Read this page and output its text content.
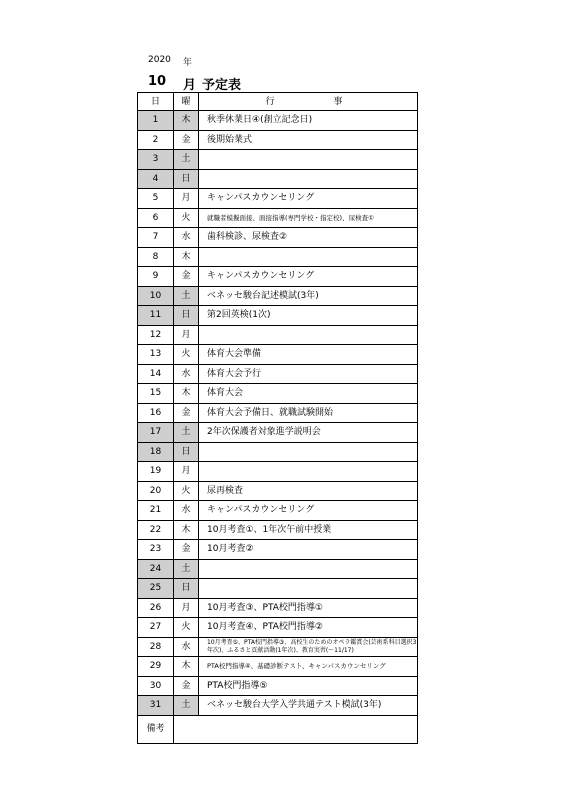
2020 年
10 月 予定表
日	曜	行 事
1	木	秋季休業日④(創立記念日)
2	金	後期始業式
3	土	
4	日	
5	月	キャンパスカウンセリング
6	火	就職者模擬面接、面接指導(専門学校・指定校)、尿検査①
7	水	歯科検診、尿検査②
8	木	
9	金	キャンパスカウンセリング
10	土	ベネッセ駿台記述模試(3年)
11	日	第2回英検(1次)
12	月	
13	火	体育大会準備
14	水	体育大会予行
15	木	体育大会
16	金	体育大会予備日、就職試験開始
17	土	2年次保護者対象進学説明会
18	日	
19	月	
20	火	尿再検査
21	水	キャンパスカウンセリング
22	木	10月考査①、1年次午前中授業
23	金	10月考査②
24	土	
25	日	
26	月	10月考査③、PTA校門指導①
27	火	10月考査④、PTA校門指導②
28	水	10月考査⑤、PTA校門指導③、高校生のためのオペラ鑑賞会(芸術系科目選択3年次)、ふるさと貢献活動(1年次)、教育実習(～11/17)
29	木	PTA校門指導④、基礎診断テスト、キャンパスカウンセリング
30	金	PTA校門指導⑤
31	土	ベネッセ駿台大学入学共通テスト模試(3年)
備考		
